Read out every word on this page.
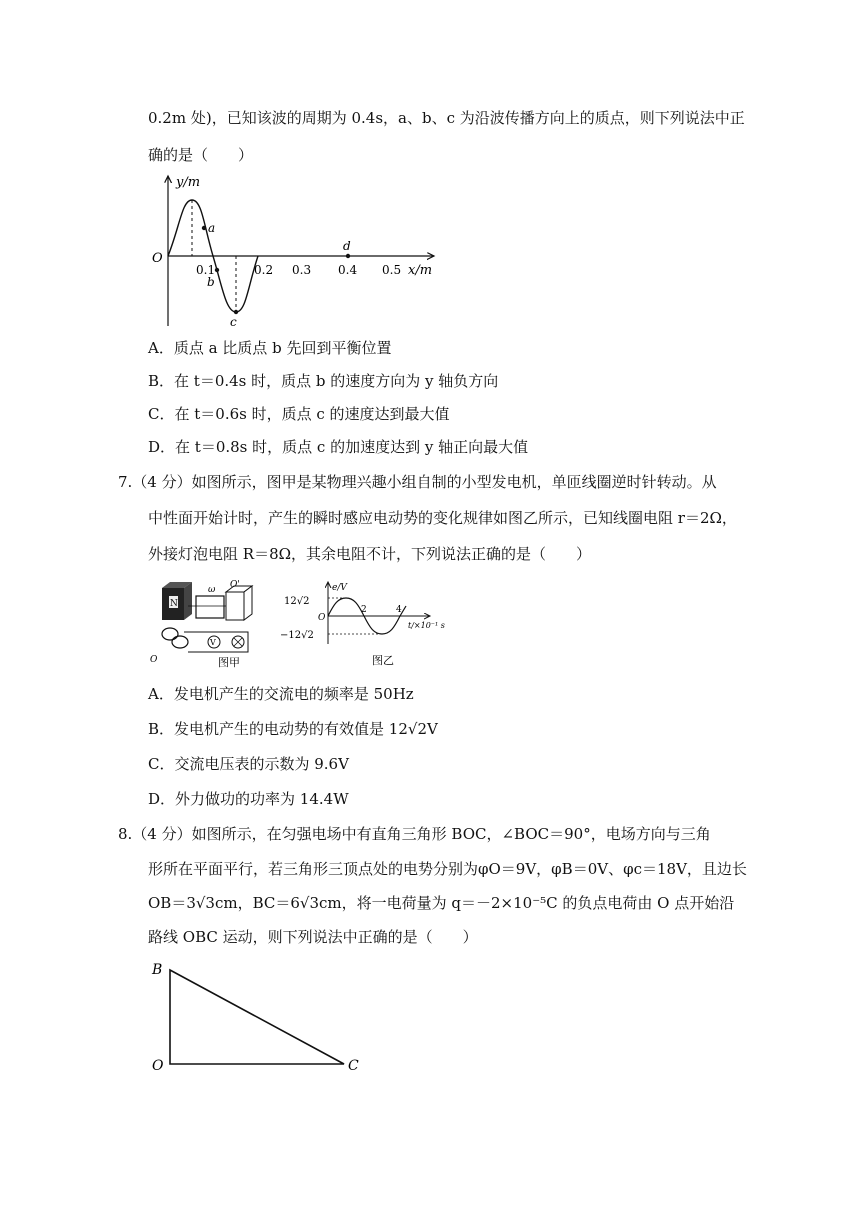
0.2m 处)，已知该波的周期为 0.4s，a、b、c 为沿波传播方向上的质点，则下列说法中正
确的是（　　）
y/m
x/m
O
0.1	0.2 0.3 0.4 0.5
a
b
c
d
A．质点 a 比质点 b 先回到平衡位置
B．在 t＝0.4s 时，质点 b 的速度方向为 y 轴负方向
C．在 t＝0.6s 时，质点 c 的速度达到最大值
D．在 t＝0.8s 时，质点 c 的加速度达到 y 轴正向最大值
7.（4 分）如图所示，图甲是某物理兴趣小组自制的小型发电机，单匝线圈逆时针转动。从
中性面开始计时，产生的瞬时感应电动势的变化规律如图乙所示，已知线圈电阻 r＝2Ω，
外接灯泡电阻 R＝8Ω，其余电阻不计，下列说法正确的是（　　）
N
O'
ω
O
V
图甲
e/V
t/×10⁻¹ s
12√2
−12√2
O
2	4
图乙
A．发电机产生的交流电的频率是 50Hz
B．发电机产生的电动势的有效值是 12√2V
C．交流电压表的示数为 9.6V
D．外力做功的功率为 14.4W
8.（4 分）如图所示，在匀强电场中有直角三角形 BOC，∠BOC＝90°，电场方向与三角
形所在平面平行，若三角形三顶点处的电势分别为φO＝9V，φB＝0V、φc＝18V，且边长
OB＝3√3cm，BC＝6√3cm，将一电荷量为 q＝－2×10⁻⁵C 的负点电荷由 O 点开始沿
路线 OBC 运动，则下列说法中正确的是（　　）
B
O	C
